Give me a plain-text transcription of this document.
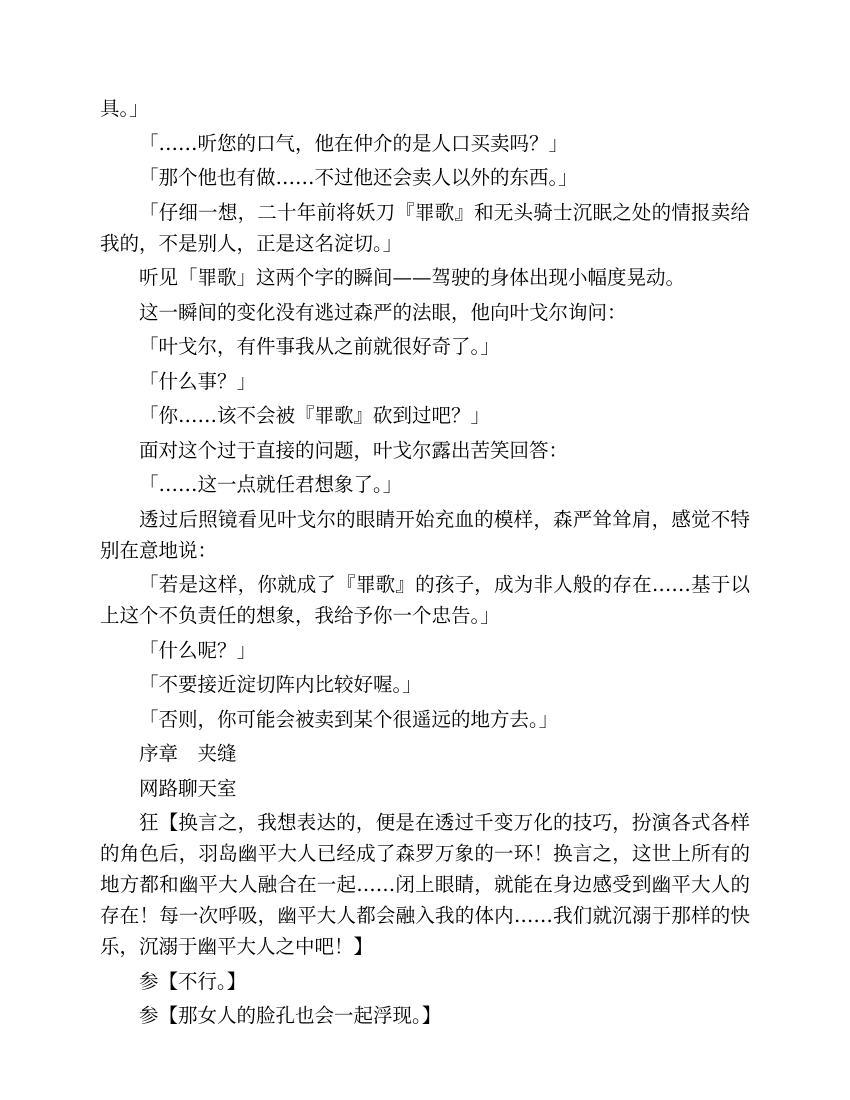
具。」

「……听您的口气，他在仲介的是人口买卖吗？」

「那个他也有做……不过他还会卖人以外的东西。」

「仔细一想，二十年前将妖刀『罪歌』和无头骑士沉眠之处的情报卖给我的，不是别人，正是这名淀切。」

听见「罪歌」这两个字的瞬间——驾驶的身体出现小幅度晃动。

这一瞬间的变化没有逃过森严的法眼，他向叶戈尔询问：

「叶戈尔，有件事我从之前就很好奇了。」

「什么事？」

「你……该不会被『罪歌』砍到过吧？」

面对这个过于直接的问题，叶戈尔露出苦笑回答：

「……这一点就任君想象了。」

透过后照镜看见叶戈尔的眼睛开始充血的模样，森严耸耸肩，感觉不特别在意地说：

「若是这样，你就成了『罪歌』的孩子，成为非人般的存在……基于以上这个不负责任的想象，我给予你一个忠告。」

「什么呢？」

「不要接近淀切阵内比较好喔。」

「否则，你可能会被卖到某个很遥远的地方去。」

序章　夹缝

网路聊天室

狂【换言之，我想表达的，便是在透过千变万化的技巧，扮演各式各样的角色后，羽岛幽平大人已经成了森罗万象的一环！换言之，这世上所有的地方都和幽平大人融合在一起……闭上眼睛，就能在身边感受到幽平大人的存在！每一次呼吸，幽平大人都会融入我的体内……我们就沉溺于那样的快乐，沉溺于幽平大人之中吧！】

参【不行。】

参【那女人的脸孔也会一起浮现。】
